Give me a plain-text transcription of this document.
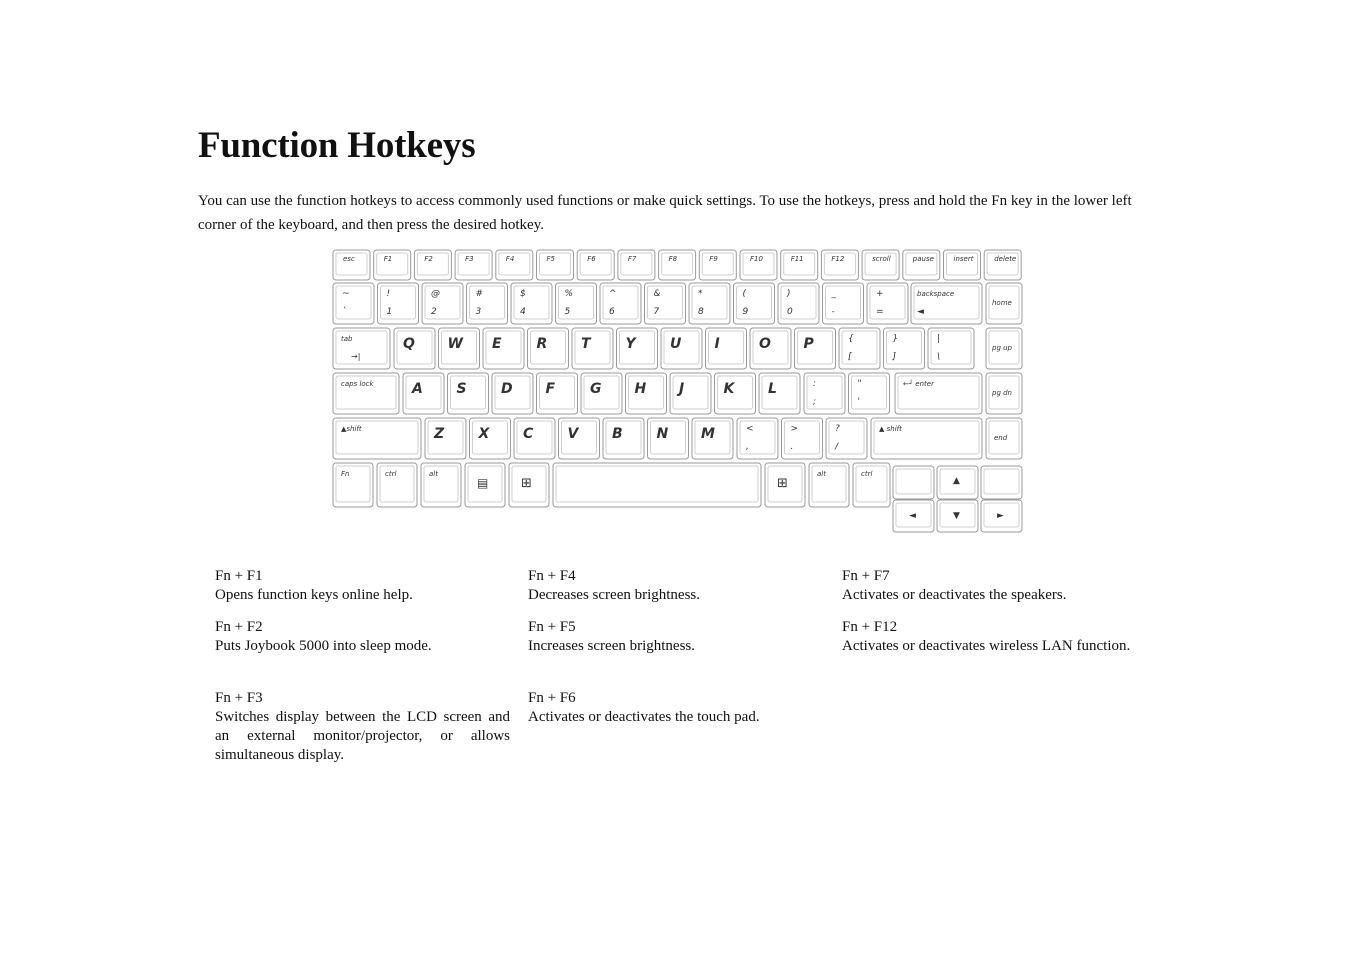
Function Hotkeys

You can use the function hotkeys to access commonly used functions or make quick settings. To use the hotkeys, press and hold the Fn key in the lower left corner of the keyboard, and then press the desired hotkey.

esc	F1	F2	F3	F4	F5	F6	F7	F8	F9	F10	F11	F12	scroll	pause	insert	delete
~
`
!
1
@
2
#
3
$
4
%
5
^
6
&
7
*
8
(
9
)
0
_
-
+
=
backspace
◄
home
tab
→|
Q W E R T Y U I	O P	{
[
}
]
|
\
pg up
caps lock	A S D F G H J	K L	:
;
"
'
←┘ enter
pg dn
▲shift	Z X C V B N M	<
,
>
.
?
/
▲ shift
end
Fn	ctrl	alt
▤	⊞	⊞
alt	ctrl
▲
◄	▼	►
Fn + F1
Opens function keys online help.
Fn + F2
Puts Joybook 5000 into sleep mode.
Fn + F3
Switches display between the LCD screen and an external monitor/projector, or allows simultaneous display.
Fn + F4
Decreases screen brightness.
Fn + F5
Increases screen brightness.
Fn + F6
Activates or deactivates the touch pad.
Fn + F7
Activates or deactivates the speakers.
Fn + F12
Activates or deactivates wireless LAN function.
